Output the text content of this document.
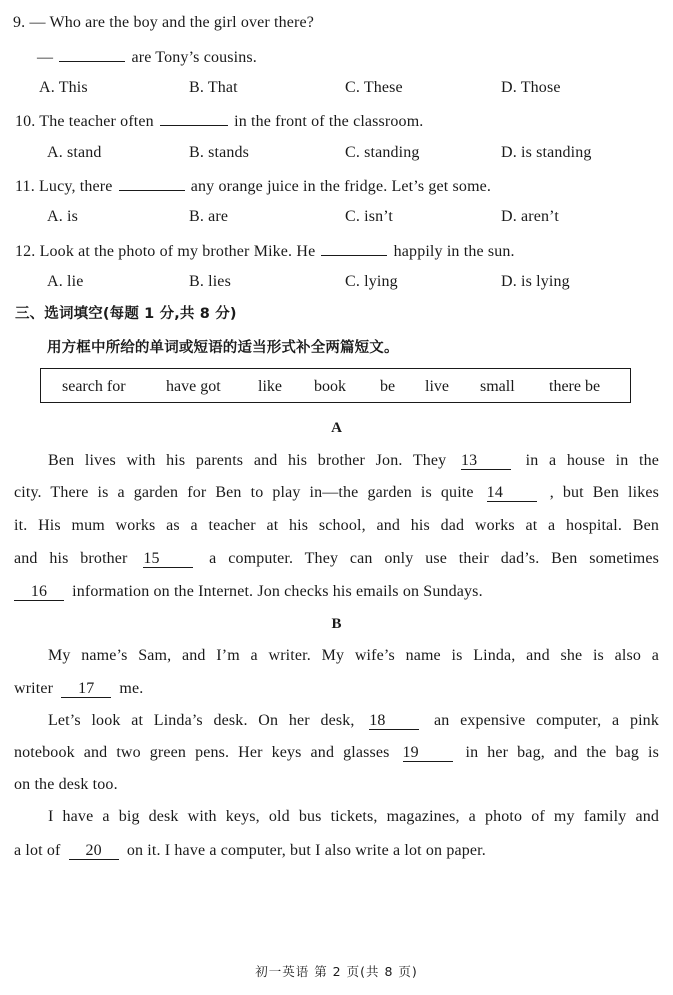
9. — Who are the boy and the girl over there?
—	are Tony’s cousins.
A. This	B. That	C. These	D. Those
10. The teacher often	in the front of the classroom.
A. stand	B. stands	C. standing	D. is standing
11. Lucy, there	any orange juice in the fridge. Let’s get some.
A. is	B. are	C. isn’t	D. aren’t
12. Look at the photo of my brother Mike. He	happily in the sun.
A. lie	B. lies	C. lying	D. is lying
三、选词填空(每题 1 分,共 8 分)
用方框中所给的单词或短语的适当形式补全两篇短文。
search for	have got like book be live small there be
A
Ben lives with his parents and his brother Jon. They 13	in a house in the
city. There is a garden for Ben to play in—the garden is quite 14	, but Ben likes
it. His mum works as a teacher at his school, and his dad works at a hospital. Ben
and his brother 15	a computer. They can only use their dad’s. Ben sometimes
16 information on the Internet. Jon checks his emails on Sundays.
B
My name’s Sam, and I’m a writer. My wife’s name is Linda, and she is also a
writer 17 me.
Let’s look at Linda’s desk. On her desk, 18	an expensive computer, a pink
notebook and two green pens. Her keys and glasses 19	in her bag, and the bag is
on the desk too.
I have a big desk with keys, old bus tickets, magazines, a photo of my family and
a lot of 20 on it. I have a computer, but I also write a lot on paper.
初一英语 第 2 页(共 8 页)
